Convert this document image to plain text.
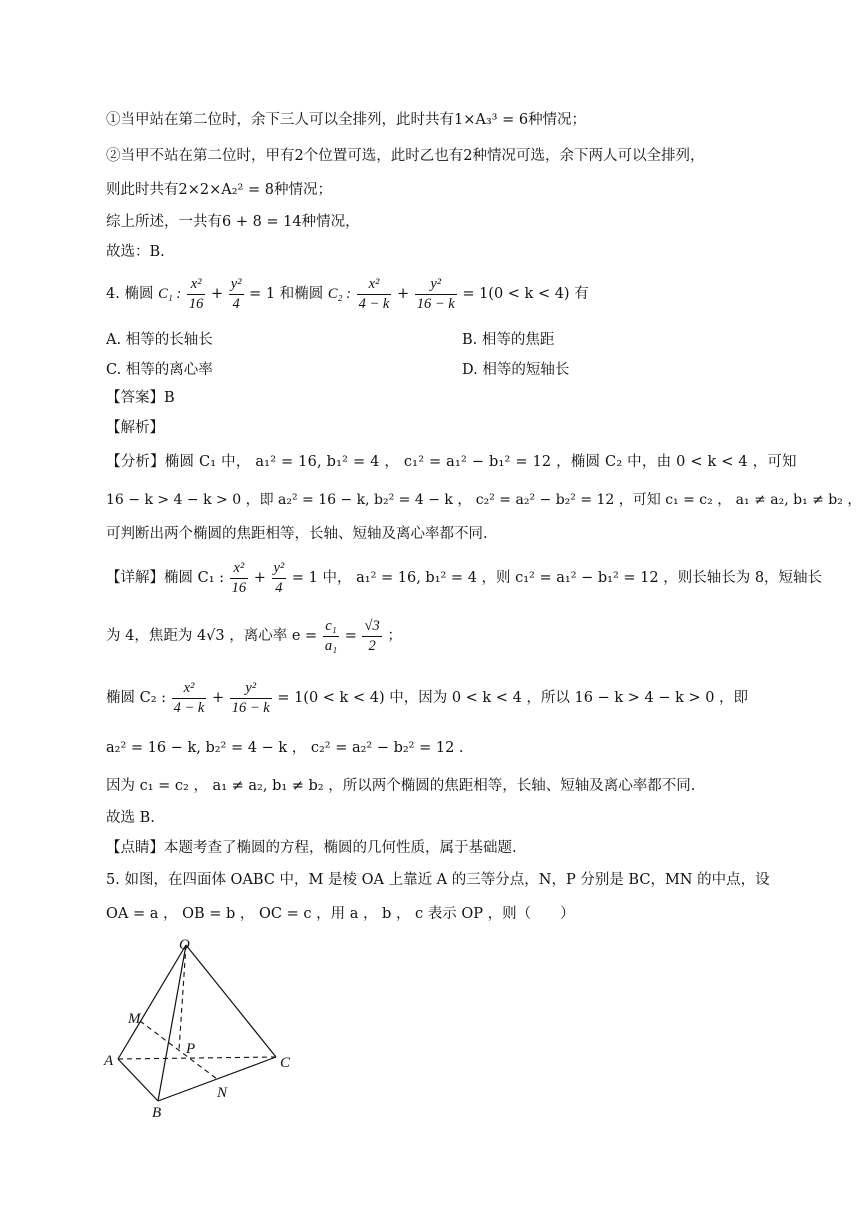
①当甲站在第二位时，余下三人可以全排列，此时共有1×A₃³ = 6种情况；
②当甲不站在第二位时，甲有2个位置可选，此时乙也有2种情况可选，余下两人可以全排列，
则此时共有2×2×A₂² = 8种情况；
综上所述，一共有6 + 8 = 14种情况，
故选：B.
4. 椭圆 C₁ : $\frac{\text{x²}}{16} + \frac{\text{y²}}{4} = 1$ 和椭圆 C₂ : $\frac{\text{x²}}{4 - k} + \frac{\text{y²}}{16 - k} = 1(0 < k < 4)$ 有
A. 相等的长轴长	B. 相等的焦距
C. 相等的离心率	D. 相等的短轴长
【答案】B
【解析】
【分析】椭圆 C₁ 中， a₁² = 16, b₁² = 4 ， c₁² = a₁² − b₁² = 12 ，椭圆 C₂ 中，由 0 < k < 4 ，可知
16 − k > 4 − k > 0 ，即 a₂² = 16 − k, b₂² = 4 − k ， c₂² = a₂² − b₂² = 12 ，可知 c₁ = c₂ ， a₁ ≠ a₂, b₁ ≠ b₂ ，
可判断出两个椭圆的焦距相等，长轴、短轴及离心率都不同.
【详解】椭圆 C₁ : $\frac{\text{x²}}{16} + \frac{\text{y²}}{4} = 1$ 中， a₁² = 16, b₁² = 4 ，则 c₁² = a₁² − b₁² = 12 ，则长轴长为 8，短轴长
为 4，焦距为 4√3 ，离心率 $e = \frac{\text{c₁}}{\text{a₁}} = \frac{√3}{2}$ ；
椭圆 C₂ : $\frac{\text{x²}}{4 - k} + \frac{\text{y²}}{16 - k} = 1(0 < k < 4)$ 中，因为 0 < k < 4 ，所以 16 − k > 4 − k > 0 ，即
a₂² = 16 − k, b₂² = 4 − k ， c₂² = a₂² − b₂² = 12 .
因为 c₁ = c₂ ， a₁ ≠ a₂, b₁ ≠ b₂ ，所以两个椭圆的焦距相等，长轴、短轴及离心率都不同.
故选 B.
【点睛】本题考查了椭圆的方程，椭圆的几何性质，属于基础题.
5. 如图，在四面体 OABC 中，M 是棱 OA 上靠近 A 的三等分点，N，P 分别是 BC，MN 的中点，设
OA = a ， OB = b ， OC = c ，用 a ， b ， c 表示 OP ，则（　　）
O
M
P
A	C
N
B
